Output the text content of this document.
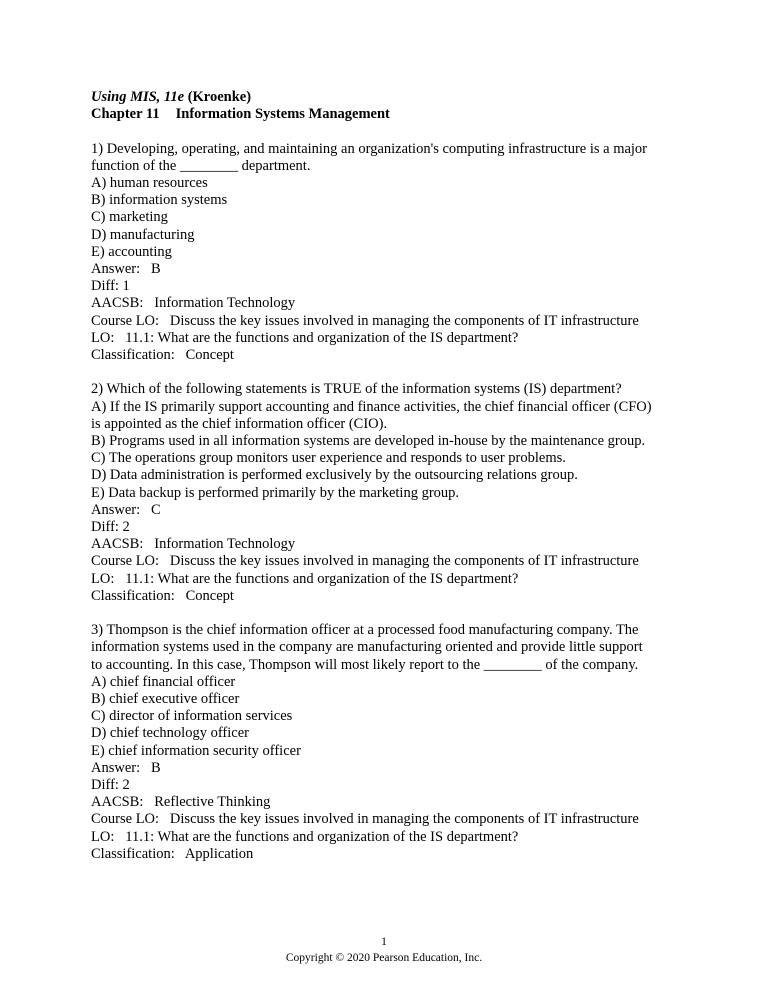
Using MIS, 11e (Kroenke)
Chapter 11 Information Systems Management
1) Developing, operating, and maintaining an organization's computing infrastructure is a major
function of the ________ department.
A) human resources
B) information systems
C) marketing
D) manufacturing
E) accounting
Answer:   B
Diff: 1
AACSB:   Information Technology
Course LO:   Discuss the key issues involved in managing the components of IT infrastructure
LO:   11.1: What are the functions and organization of the IS department?
Classification:   Concept
2) Which of the following statements is TRUE of the information systems (IS) department?
A) If the IS primarily support accounting and finance activities, the chief financial officer (CFO)
is appointed as the chief information officer (CIO).
B) Programs used in all information systems are developed in-house by the maintenance group.
C) The operations group monitors user experience and responds to user problems.
D) Data administration is performed exclusively by the outsourcing relations group.
E) Data backup is performed primarily by the marketing group.
Answer:   C
Diff: 2
AACSB:   Information Technology
Course LO:   Discuss the key issues involved in managing the components of IT infrastructure
LO:   11.1: What are the functions and organization of the IS department?
Classification:   Concept
3) Thompson is the chief information officer at a processed food manufacturing company. The
information systems used in the company are manufacturing oriented and provide little support
to accounting. In this case, Thompson will most likely report to the ________ of the company.
A) chief financial officer
B) chief executive officer
C) director of information services
D) chief technology officer
E) chief information security officer
Answer:   B
Diff: 2
AACSB:   Reflective Thinking
Course LO:   Discuss the key issues involved in managing the components of IT infrastructure
LO:   11.1: What are the functions and organization of the IS department?
Classification:   Application
1
Copyright © 2020 Pearson Education, Inc.
